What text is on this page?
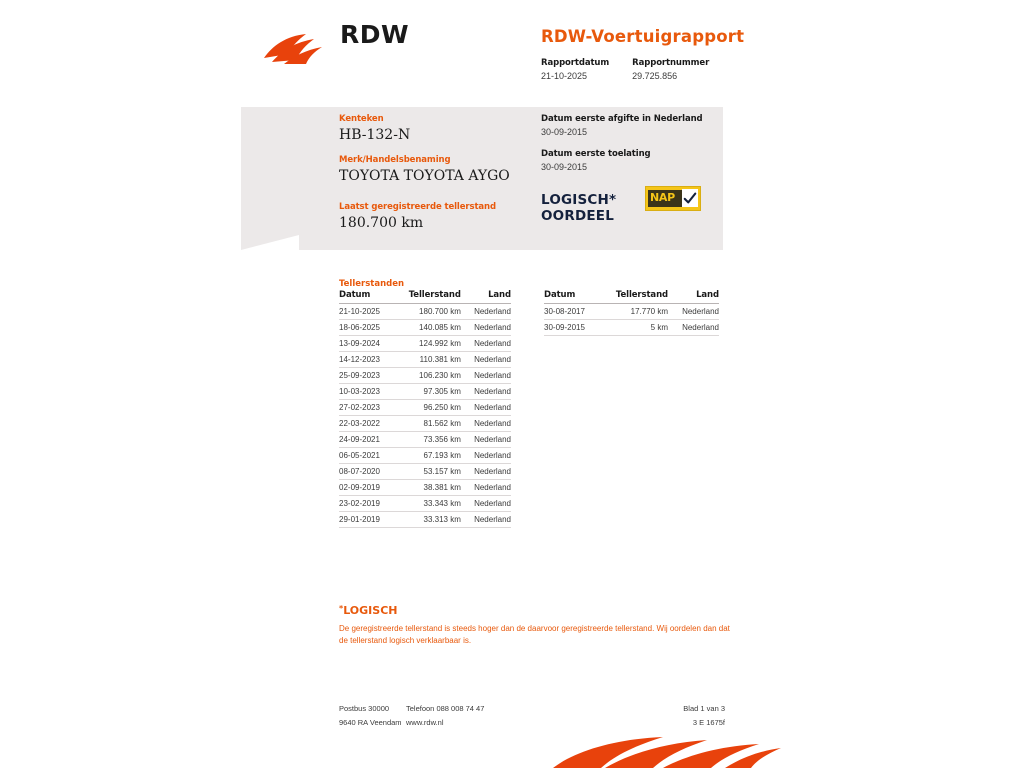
RDW	RDW-Voertuigrapport
Rapportdatum
21-10-2025
Rapportnummer
29.725.856
Kenteken
HB-132-N
Merk/Handelsbenaming
TOYOTA TOYOTA AYGO
Laatst geregistreerde tellerstand
180.700 km
Datum eerste afgifte in Nederland
30-09-2015
Datum eerste toelating
30-09-2015
LOGISCH*
OORDEEL
NAP
Tellerstanden
Datum	Tellerstand	Land
21-10-2025	180.700 km	Nederland
18-06-2025	140.085 km	Nederland
13-09-2024	124.992 km	Nederland
14-12-2023	110.381 km	Nederland
25-09-2023	106.230 km	Nederland
10-03-2023	97.305 km	Nederland
27-02-2023	96.250 km	Nederland
22-03-2022	81.562 km	Nederland
24-09-2021	73.356 km	Nederland
06-05-2021	67.193 km	Nederland
08-07-2020	53.157 km	Nederland
02-09-2019	38.381 km	Nederland
23-02-2019	33.343 km	Nederland
29-01-2019	33.313 km	Nederland
Datum	Tellerstand	Land
30-08-2017	17.770 km	Nederland
30-09-2015	5 km	Nederland
*LOGISCH
De geregistreerde tellerstand is steeds hoger dan de daarvoor geregistreerde tellerstand. Wij oordelen dan dat de tellerstand logisch verklaarbaar is.
Postbus 30000
9640 RA Veendam
Telefoon 088 008 74 47
www.rdw.nl
Blad 1 van 3
3 E 1675f
